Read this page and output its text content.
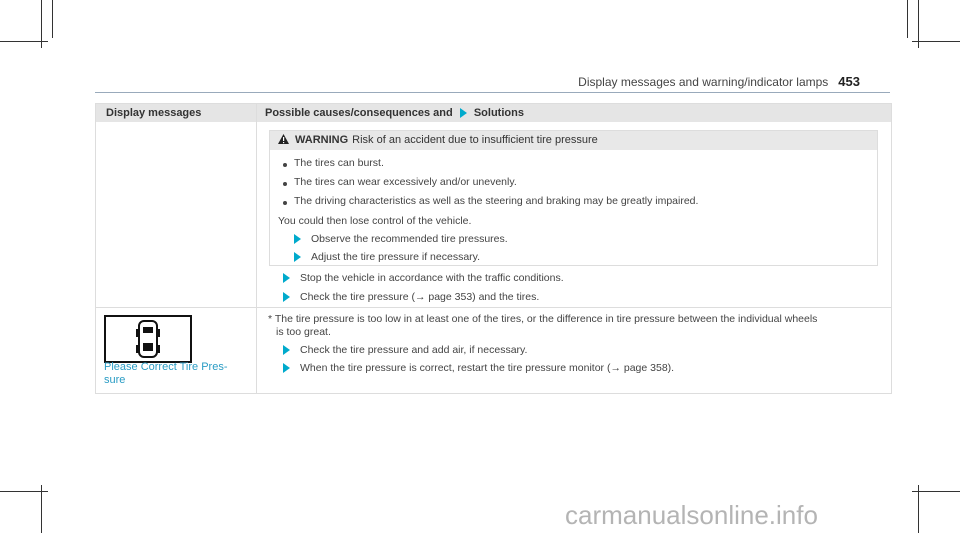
Display messages and warning/indicator lamps 453
Display messages	Possible causes/consequences and Solutions
WARNING Risk of an accident due to insufficient tire pressure
The tires can burst.
The tires can wear excessively and/or unevenly.
The driving characteristics as well as the steering and braking may be greatly impaired.
You could then lose control of the vehicle.
Observe the recommended tire pressures.
Adjust the tire pressure if necessary.
Stop the vehicle in accordance with the traffic conditions.
Check the tire pressure (→ page 353) and the tires.
Please Correct Tire Pres-
sure
* The tire pressure is too low in at least one of the tires, or the difference in tire pressure between the individual wheels
is too great.
Check the tire pressure and add air, if necessary.
When the tire pressure is correct, restart the tire pressure monitor (→ page 358).
carmanualsonline.info
